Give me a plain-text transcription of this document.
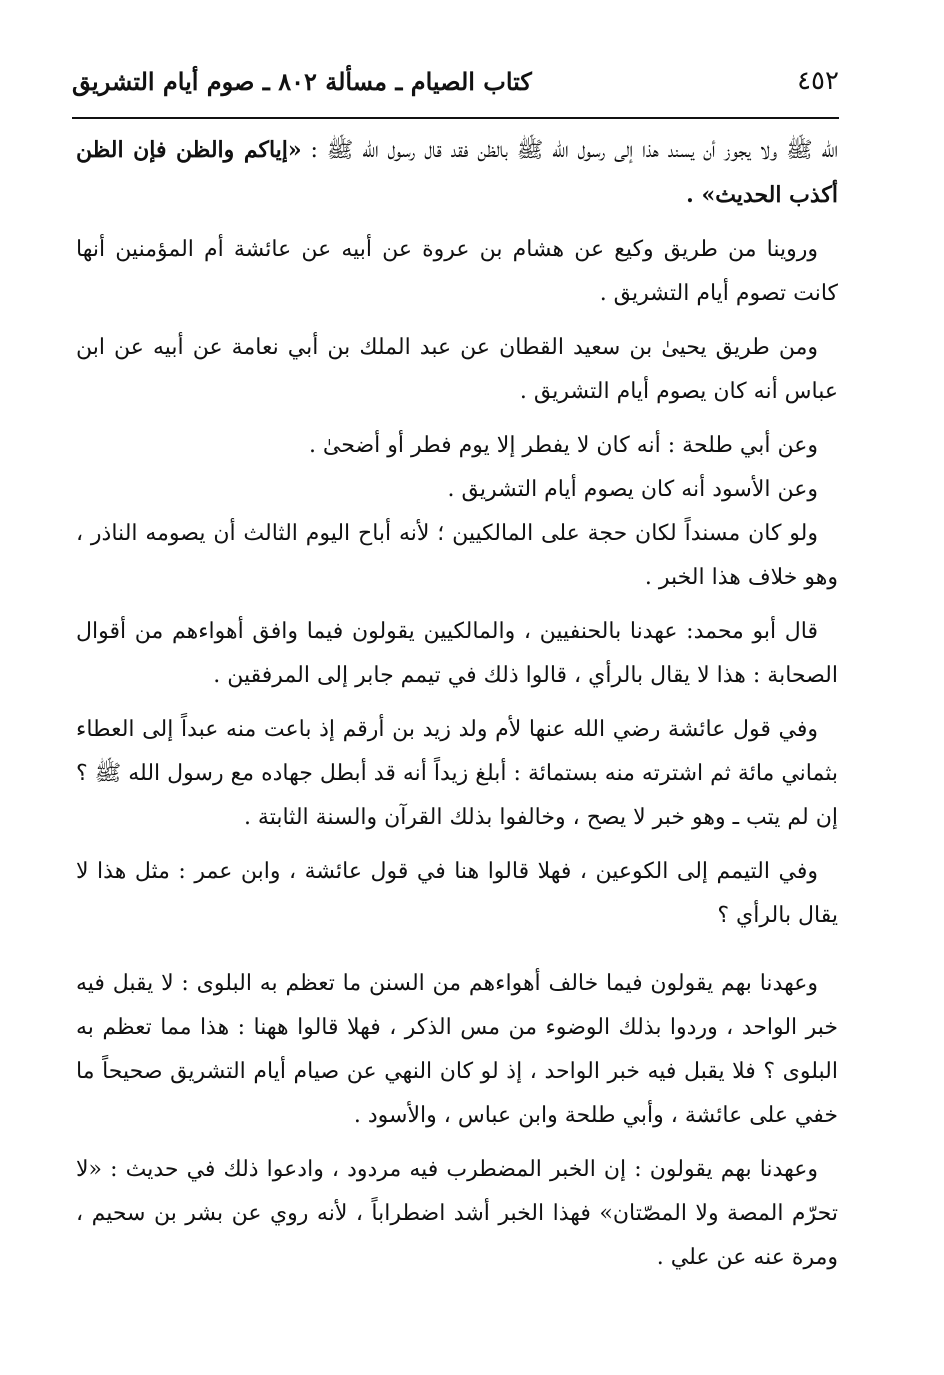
٤٥٢
كتاب الصيام ـ مسألة ٨٠٢ ـ صوم أيام التشريق

الله ﷺ ولا يجوز أن يسند هذا إلى رسول الله ﷺ بالظن فقد قال رسول الله ﷺ : «إياكم والظن فإن الظن أكذب الحديث» .

وروينا من طريق وكيع عن هشام بن عروة عن أبيه عن عائشة أم المؤمنين أنها كانت تصوم أيام التشريق .

ومن طريق يحيىٰ بن سعيد القطان عن عبد الملك بن أبي نعامة عن أبيه عن ابن عباس أنه كان يصوم أيام التشريق .

وعن أبي طلحة : أنه كان لا يفطر إلا يوم فطر أو أضحىٰ .

وعن الأسود أنه كان يصوم أيام التشريق .

ولو كان مسنداً لكان حجة على المالكيين ؛ لأنه أباح اليوم الثالث أن يصومه الناذر ، وهو خلاف هذا الخبر .

قال أبو محمد: عهدنا بالحنفيين ، والمالكيين يقولون فيما وافق أهواءهم من أقوال الصحابة : هذا لا يقال بالرأي ، قالوا ذلك في تيمم جابر إلى المرفقين .

وفي قول عائشة رضي الله عنها لأم ولد زيد بن أرقم إذ باعت منه عبداً إلى العطاء بثماني مائة ثم اشترته منه بستمائة : أبلغ زيداً أنه قد أبطل جهاده مع رسول الله ﷺ ؟ إن لم يتب ـ وهو خبر لا يصح ، وخالفوا بذلك القرآن والسنة الثابتة .

وفي التيمم إلى الكوعين ، فهلا قالوا هنا في قول عائشة ، وابن عمر : مثل هذا لا يقال بالرأي ؟

وعهدنا بهم يقولون فيما خالف أهواءهم من السنن ما تعظم به البلوى : لا يقبل فيه خبر الواحد ، وردوا بذلك الوضوء من مس الذكر ، فهلا قالوا ههنا : هذا مما تعظم به البلوى ؟ فلا يقبل فيه خبر الواحد ، إذ لو كان النهي عن صيام أيام التشريق صحيحاً ما خفي على عائشة ، وأبي طلحة وابن عباس ، والأسود .

وعهدنا بهم يقولون : إن الخبر المضطرب فيه مردود ، وادعوا ذلك في حديث : «لا تحرّم المصة ولا المصّتان» فهذا الخبر أشد اضطراباً ، لأنه روي عن بشر بن سحيم ، ومرة عنه عن علي .
